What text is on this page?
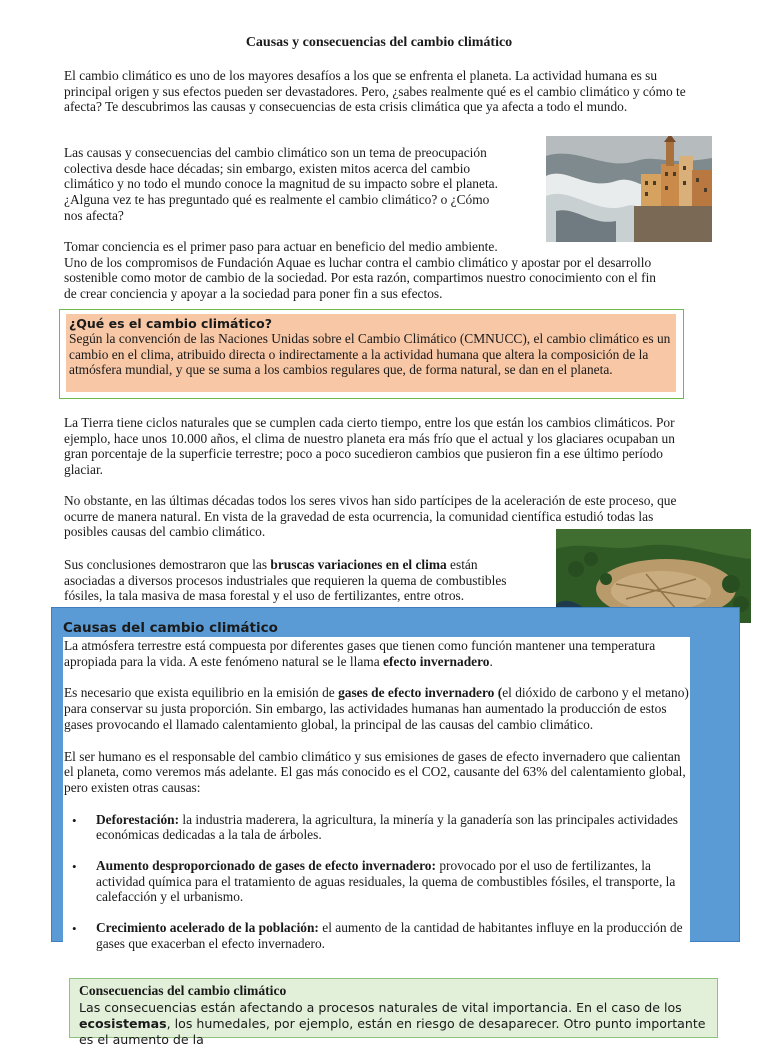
Causas y consecuencias del cambio climático

El cambio climático es uno de los mayores desafíos a los que se enfrenta el planeta. La actividad humana es su principal origen y sus efectos pueden ser devastadores. Pero, ¿sabes realmente qué es el cambio climático y cómo te afecta? Te descubrimos las causas y consecuencias de esta crisis climática que ya afecta a todo el mundo.

Las causas y consecuencias del cambio climático son un tema de preocupación
colectiva desde hace décadas; sin embargo, existen mitos acerca del cambio
climático y no todo el mundo conoce la magnitud de su impacto sobre el planeta.
¿Alguna vez te has preguntado qué es realmente el cambio climático? o ¿Cómo
nos afecta?
Tomar conciencia es el primer paso para actuar en beneficio del medio ambiente.
Uno de los compromisos de Fundación Aquae es luchar contra el cambio climático y apostar por el desarrollo
sostenible como motor de cambio de la sociedad. Por esta razón, compartimos nuestro conocimiento con el fin
de crear conciencia y apoyar a la sociedad para poner fin a sus efectos.
¿Qué es el cambio climático?

Según la convención de las Naciones Unidas sobre el Cambio Climático (CMNUCC), el cambio climático es un cambio en el clima, atribuido directa o indirectamente a la actividad humana que altera la composición de la atmósfera mundial, y que se suma a los cambios regulares que, de forma natural, se dan en el planeta.

La Tierra tiene ciclos naturales que se cumplen cada cierto tiempo, entre los que están los cambios climáticos. Por ejemplo, hace unos 10.000 años, el clima de nuestro planeta era más frío que el actual y los glaciares ocupaban un gran porcentaje de la superficie terrestre; poco a poco sucedieron cambios que pusieron fin a ese último período glaciar.

No obstante, en las últimas décadas todos los seres vivos han sido partícipes de la aceleración de este proceso, que ocurre de manera natural. En vista de la gravedad de esta ocurrencia, la comunidad científica estudió todas las posibles causas del cambio climático.

Sus conclusiones demostraron que las bruscas variaciones en el clima están
asociadas a diversos procesos industriales que requieren la quema de combustibles
fósiles, la tala masiva de masa forestal y el uso de fertilizantes, entre otros.
Causas del cambio climático

La atmósfera terrestre está compuesta por diferentes gases que tienen como función mantener una temperatura apropiada para la vida. A este fenómeno natural se le llama efecto invernadero.

Es necesario que exista equilibrio en la emisión de gases de efecto invernadero (el dióxido de carbono y el metano) para conservar su justa proporción. Sin embargo, las actividades humanas han aumentado la producción de estos gases provocando el llamado calentamiento global, la principal de las causas del cambio climático.

El ser humano es el responsable del cambio climático y sus emisiones de gases de efecto invernadero que calientan el planeta, como veremos más adelante. El gas más conocido es el CO2, causante del 63% del calentamiento global, pero existen otras causas:

• Deforestación: la industria maderera, la agricultura, la minería y la ganadería son las principales actividades económicas dedicadas a la tala de árboles.
• Aumento desproporcionado de gases de efecto invernadero: provocado por el uso de fertilizantes, la actividad química para el tratamiento de aguas residuales, la quema de combustibles fósiles, el transporte, la calefacción y el urbanismo.
• Crecimiento acelerado de la población: el aumento de la cantidad de habitantes influye en la producción de gases que exacerban el efecto invernadero.
Consecuencias del cambio climático

Las consecuencias están afectando a procesos naturales de vital importancia. En el caso de los ecosistemas, los humedales, por ejemplo, están en riesgo de desaparecer. Otro punto importante es el aumento de la
